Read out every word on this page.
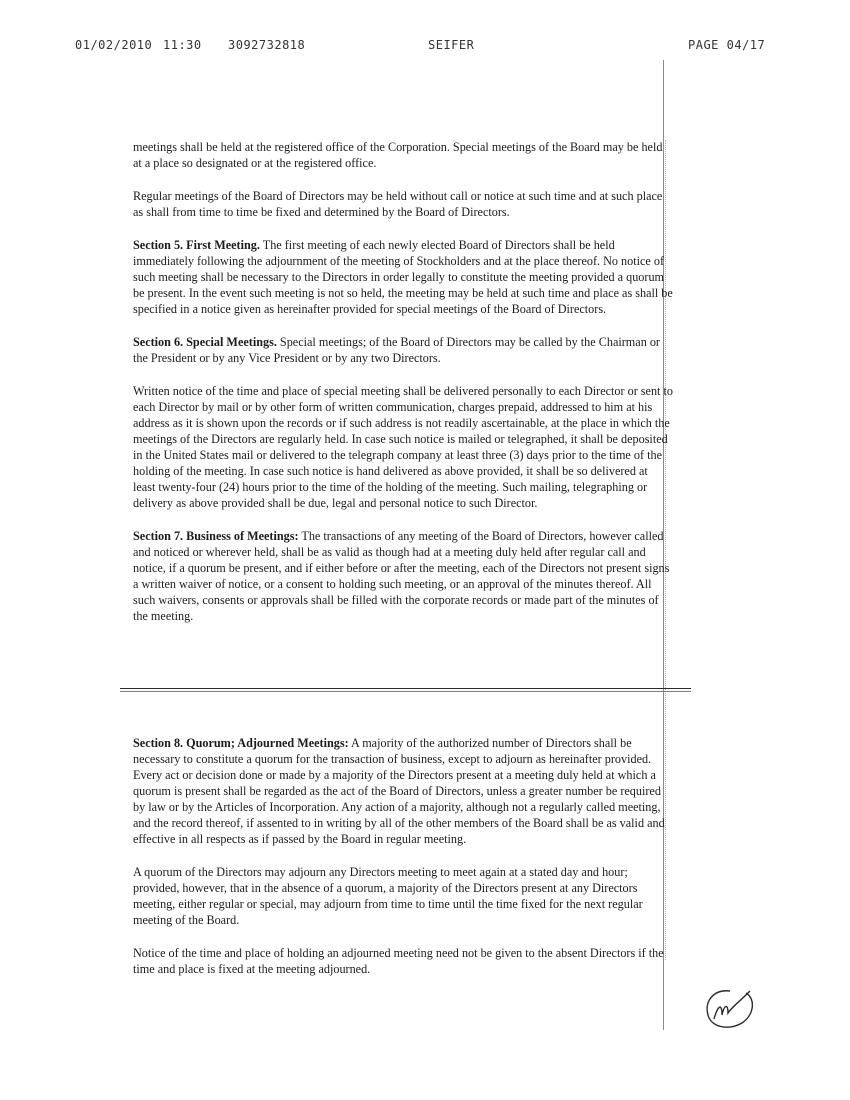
01/02/2010 11:30 3092732818	SEIFER	PAGE 04/17

meetings shall be held at the registered office of the Corporation. Special meetings of the Board may be held at a place so designated or at the registered office.

Regular meetings of the Board of Directors may be held without call or notice at such time and at such place as shall from time to time be fixed and determined by the Board of Directors.

Section 5. First Meeting. The first meeting of each newly elected Board of Directors shall be held immediately following the adjournment of the meeting of Stockholders and at the place thereof. No notice of such meeting shall be necessary to the Directors in order legally to constitute the meeting provided a quorum be present. In the event such meeting is not so held, the meeting may be held at such time and place as shall be specified in a notice given as hereinafter provided for special meetings of the Board of Directors.

Section 6. Special Meetings. Special meetings; of the Board of Directors may be called by the Chairman or the President or by any Vice President or by any two Directors.

Written notice of the time and place of special meeting shall be delivered personally to each Director or sent to each Director by mail or by other form of written communication, charges prepaid, addressed to him at his address as it is shown upon the records or if such address is not readily ascertainable, at the place in which the meetings of the Directors are regularly held. In case such notice is mailed or telegraphed, it shall be deposited in the United States mail or delivered to the telegraph company at least three (3) days prior to the time of the holding of the meeting. In case such notice is hand delivered as above provided, it shall be so delivered at least twenty-four (24) hours prior to the time of the holding of the meeting. Such mailing, telegraphing or delivery as above provided shall be due, legal and personal notice to such Director.

Section 7. Business of Meetings: The transactions of any meeting of the Board of Directors, however called and noticed or wherever held, shall be as valid as though had at a meeting duly held after regular call and notice, if a quorum be present, and if either before or after the meeting, each of the Directors not present signs a written waiver of notice, or a consent to holding such meeting, or an approval of the minutes thereof. All such waivers, consents or approvals shall be filled with the corporate records or made part of the minutes of the meeting.

Section 8. Quorum; Adjourned Meetings: A majority of the authorized number of Directors shall be necessary to constitute a quorum for the transaction of business, except to adjourn as hereinafter provided. Every act or decision done or made by a majority of the Directors present at a meeting duly held at which a quorum is present shall be regarded as the act of the Board of Directors, unless a greater number be required by law or by the Articles of Incorporation. Any action of a majority, although not a regularly called meeting, and the record thereof, if assented to in writing by all of the other members of the Board shall be as valid and effective in all respects as if passed by the Board in regular meeting.

A quorum of the Directors may adjourn any Directors meeting to meet again at a stated day and hour; provided, however, that in the absence of a quorum, a majority of the Directors present at any Directors meeting, either regular or special, may adjourn from time to time until the time fixed for the next regular meeting of the Board.

Notice of the time and place of holding an adjourned meeting need not be given to the absent Directors if the time and place is fixed at the meeting adjourned.
